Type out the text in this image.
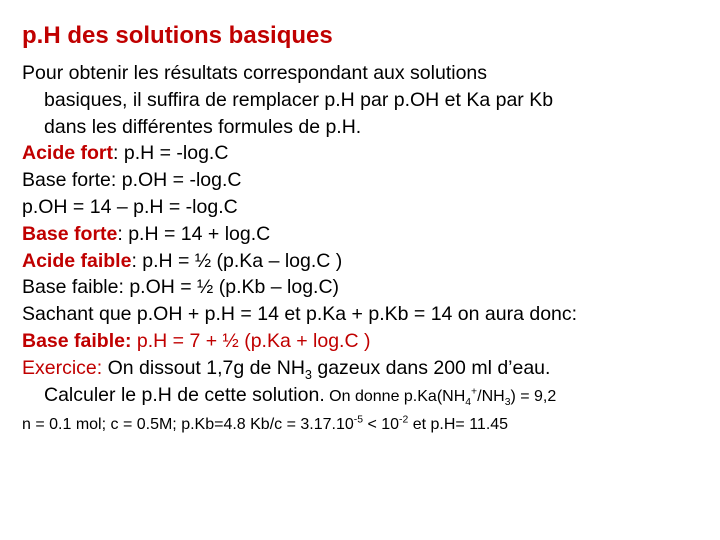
p.H des solutions basiques
Pour obtenir les résultats correspondant aux solutions
basiques, il suffira de remplacer p.H par p.OH et Ka par Kb
dans les différentes formules de p.H.
Acide fort: p.H = -log.C
Base forte: p.OH = -log.C
p.OH = 14 – p.H = -log.C
Base forte: p.H = 14 + log.C
Acide faible: p.H = ½ (p.Ka – log.C )
Base faible: p.OH = ½ (p.Kb – log.C)
Sachant que p.OH + p.H = 14 et p.Ka + p.Kb = 14 on aura donc:
Base faible: p.H = 7 + ½ (p.Ka + log.C )
Exercice: On dissout 1,7g de $NH_3$ gazeux dans 200 ml d’eau.
Calculer le p.H de cette solution. On donne $p.Ka(NH_4^+/NH_3) = 9,2$
n = 0.1 mol; c = 0.5M; p.Kb=4.8 $Kb/c = 3.17.10^{-5} < 10^{-2}$ et p.H= 11.45
